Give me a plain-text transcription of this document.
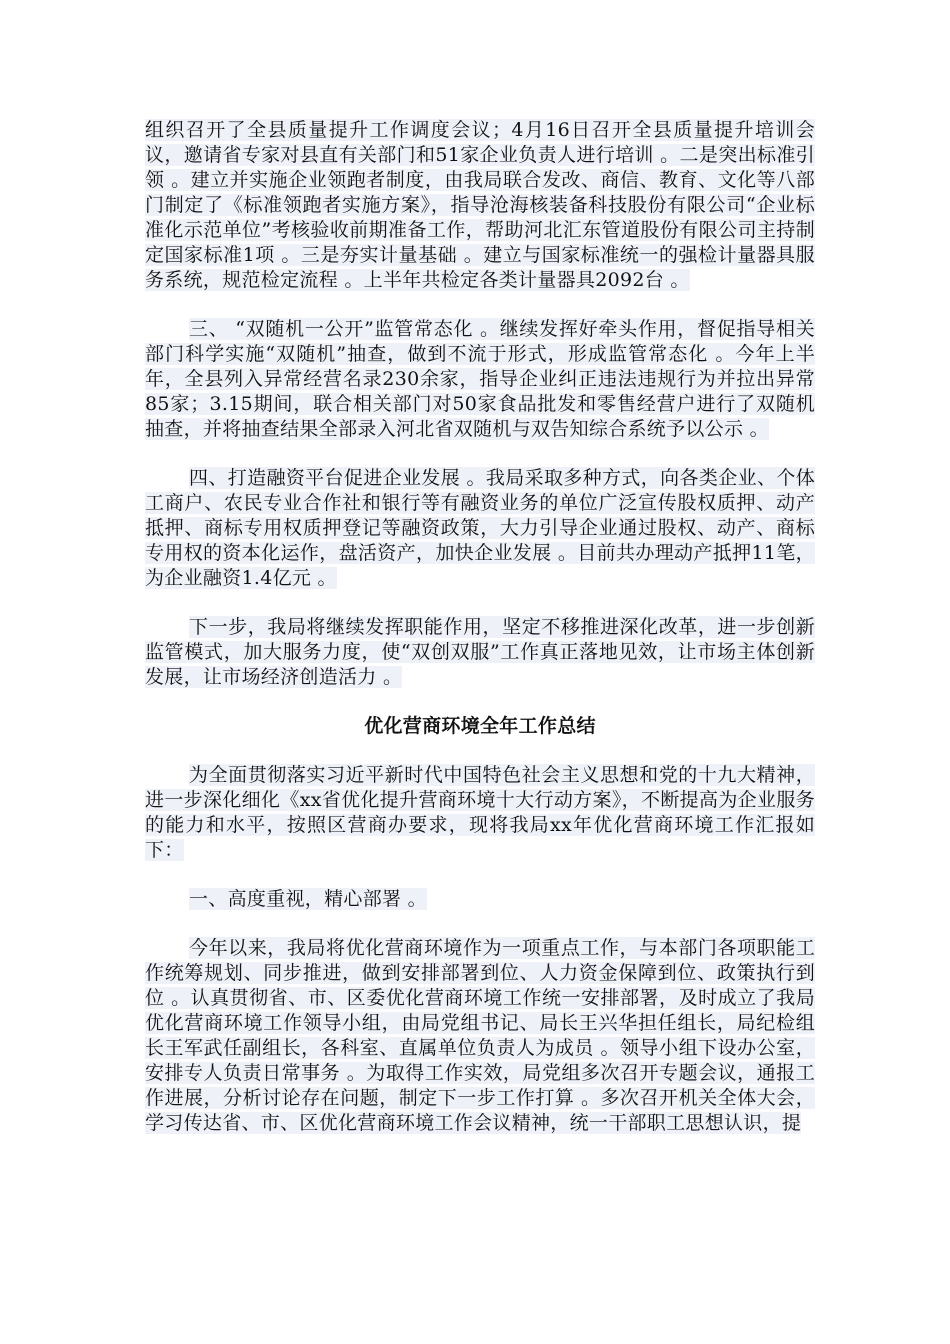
组织召开了全县质量提升工作调度会议；4月16日召开全县质量提升培训会议，邀请省专家对县直有关部门和51家企业负责人进行培训 。二是突出标准引领 。建立并实施企业领跑者制度，由我局联合发改、商信、教育、文化等八部门制定了《标准领跑者实施方案》，指导沧海核装备科技股份有限公司“企业标准化示范单位”考核验收前期准备工作，帮助河北汇东管道股份有限公司主持制定国家标准1项 。三是夯实计量基础 。建立与国家标准统一的强检计量器具服务系统，规范检定流程 。上半年共检定各类计量器具2092台 。

三、 “双随机一公开”监管常态化 。继续发挥好牵头作用，督促指导相关部门科学实施“双随机”抽查，做到不流于形式，形成监管常态化 。今年上半年，全县列入异常经营名录230余家，指导企业纠正违法违规行为并拉出异常85家；3.15期间，联合相关部门对50家食品批发和零售经营户进行了双随机抽查，并将抽查结果全部录入河北省双随机与双告知综合系统予以公示 。

四、打造融资平台促进企业发展 。我局采取多种方式，向各类企业、个体工商户、农民专业合作社和银行等有融资业务的单位广泛宣传股权质押、动产抵押、商标专用权质押登记等融资政策，大力引导企业通过股权、动产、商标专用权的资本化运作，盘活资产，加快企业发展 。目前共办理动产抵押11笔，为企业融资1.4亿元 。

下一步，我局将继续发挥职能作用，坚定不移推进深化改革，进一步创新监管模式，加大服务力度，使“双创双服”工作真正落地见效，让市场主体创新发展，让市场经济创造活力 。

优化营商环境全年工作总结

为全面贯彻落实习近平新时代中国特色社会主义思想和党的十九大精神，进一步深化细化《xx省优化提升营商环境十大行动方案》，不断提高为企业服务的能力和水平，按照区营商办要求，现将我局xx年优化营商环境工作汇报如下：

一、高度重视，精心部署 。

今年以来，我局将优化营商环境作为一项重点工作，与本部门各项职能工作统筹规划、同步推进，做到安排部署到位、人力资金保障到位、政策执行到位 。认真贯彻省、市、区委优化营商环境工作统一安排部署，及时成立了我局优化营商环境工作领导小组，由局党组书记、局长王兴华担任组长，局纪检组长王军武任副组长，各科室、直属单位负责人为成员 。领导小组下设办公室，安排专人负责日常事务 。为取得工作实效，局党组多次召开专题会议，通报工作进展，分析讨论存在问题，制定下一步工作打算 。多次召开机关全体大会，学习传达省、市、区优化营商环境工作会议精神，统一干部职工思想认识，提
